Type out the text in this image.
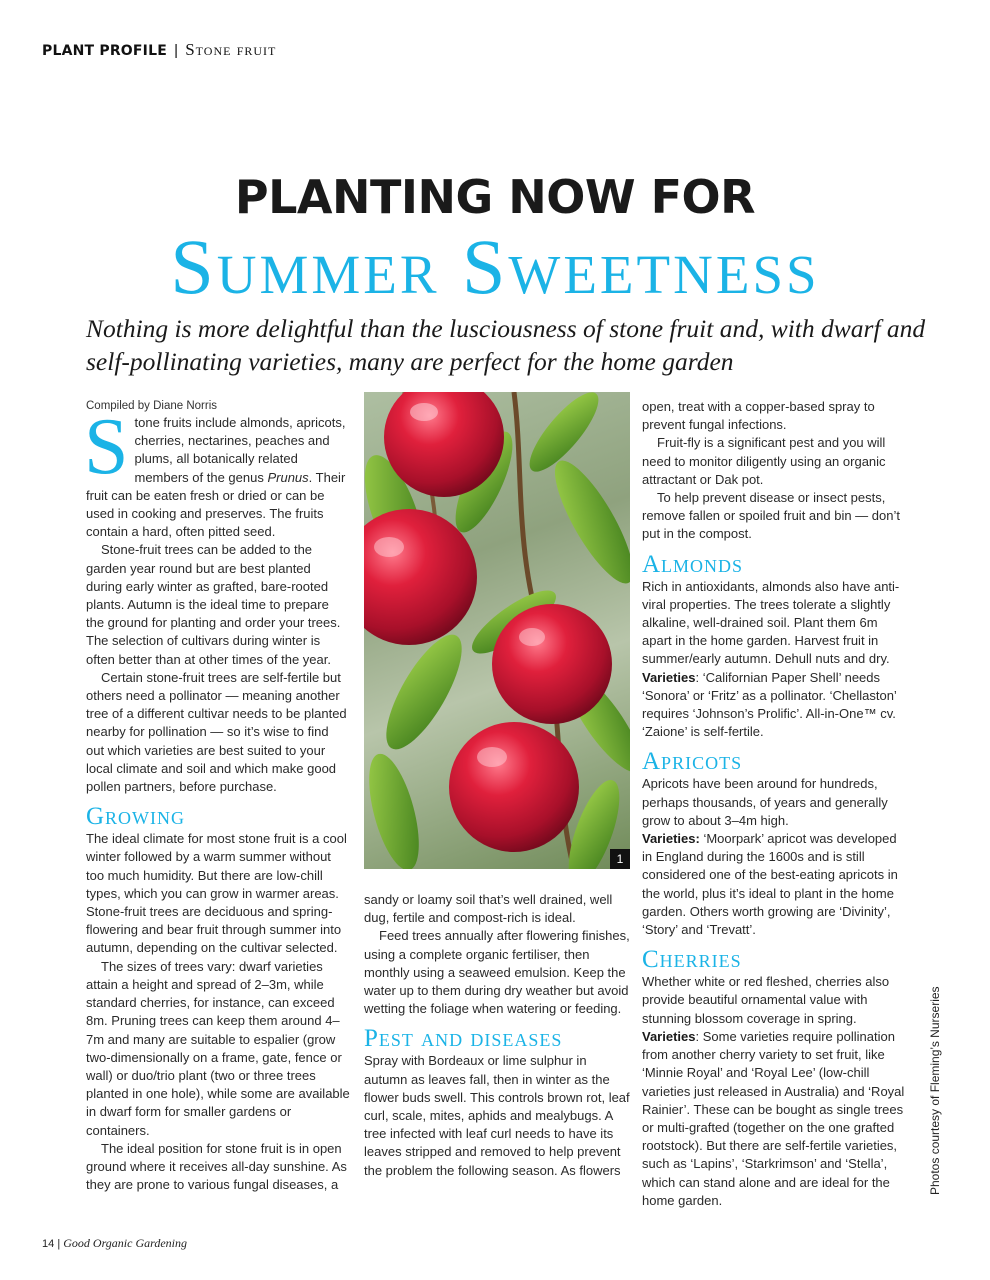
PLANT PROFILE | Stone fruit
PLANTING NOW FOR
Summer Sweetness
Nothing is more delightful than the lusciousness of stone fruit and, with dwarf and self-pollinating varieties, many are perfect for the home garden

Compiled by Diane Norris

Stone fruits include almonds, apricots, cherries, nectarines, peaches and plums, all botanically related members of the genus Prunus. Their fruit can be eaten fresh or dried or can be used in cooking and preserves. The fruits contain a hard, often pitted seed.

Stone-fruit trees can be added to the garden year round but are best planted during early winter as grafted, bare-rooted plants. Autumn is the ideal time to prepare the ground for planting and order your trees. The selection of cultivars during winter is often better than at other times of the year.

Certain stone-fruit trees are self-fertile but others need a pollinator — meaning another tree of a different cultivar needs to be planted nearby for pollination — so it’s wise to find out which varieties are best suited to your local climate and soil and which make good pollen partners, before purchase.

Growing

The ideal climate for most stone fruit is a cool winter followed by a warm summer without too much humidity. But there are low-chill types, which you can grow in warmer areas. Stone-fruit trees are deciduous and spring-flowering and bear fruit through summer into autumn, depending on the cultivar selected.

The sizes of trees vary: dwarf varieties attain a height and spread of 2–3m, while standard cherries, for instance, can exceed 8m. Pruning trees can keep them around 4–7m and many are suitable to espalier (grow two-dimensionally on a frame, gate, fence or wall) or duo/trio plant (two or three trees planted in one hole), while some are available in dwarf form for smaller gardens or containers.

The ideal position for stone fruit is in open ground where it receives all-day sunshine. As they are prone to various fungal diseases, a

1

sandy or loamy soil that’s well drained, well dug, fertile and compost-rich is ideal.

Feed trees annually after flowering finishes, using a complete organic fertiliser, then monthly using a seaweed emulsion. Keep the water up to them during dry weather but avoid wetting the foliage when watering or feeding.

Pest and diseases

Spray with Bordeaux or lime sulphur in autumn as leaves fall, then in winter as the flower buds swell. This controls brown rot, leaf curl, scale, mites, aphids and mealybugs. A tree infected with leaf curl needs to have its leaves stripped and removed to help prevent the problem the following season. As flowers

open, treat with a copper-based spray to prevent fungal infections.

Fruit-fly is a significant pest and you will need to monitor diligently using an organic attractant or Dak pot.

To help prevent disease or insect pests, remove fallen or spoiled fruit and bin — don’t put in the compost.

Almonds

Rich in antioxidants, almonds also have anti-viral properties. The trees tolerate a slightly alkaline, well-drained soil. Plant them 6m apart in the home garden. Harvest fruit in summer/early autumn. Dehull nuts and dry.

Varieties: ‘Californian Paper Shell’ needs ‘Sonora’ or ‘Fritz’ as a pollinator. ‘Chellaston’ requires ‘Johnson’s Prolific’. All-in-One™ cv. ‘Zaione’ is self-fertile.

Apricots

Apricots have been around for hundreds, perhaps thousands, of years and generally grow to about 3–4m high.

Varieties: ‘Moorpark’ apricot was developed in England during the 1600s and is still considered one of the best-eating apricots in the world, plus it’s ideal to plant in the home garden. Others worth growing are ‘Divinity’, ‘Story’ and ‘Trevatt’.

Cherries

Whether white or red fleshed, cherries also provide beautiful ornamental value with stunning blossom coverage in spring.

Varieties: Some varieties require pollination from another cherry variety to set fruit, like ‘Minnie Royal’ and ‘Royal Lee’ (low-chill varieties just released in Australia) and ‘Royal Rainier’. These can be bought as single trees or multi-grafted (together on the one grafted rootstock). But there are self-fertile varieties, such as ‘Lapins’, ‘Starkrimson’ and ‘Stella’, which can stand alone and are ideal for the home garden.

Photos courtesy of Fleming’s Nurseries
14 | Good Organic Gardening
